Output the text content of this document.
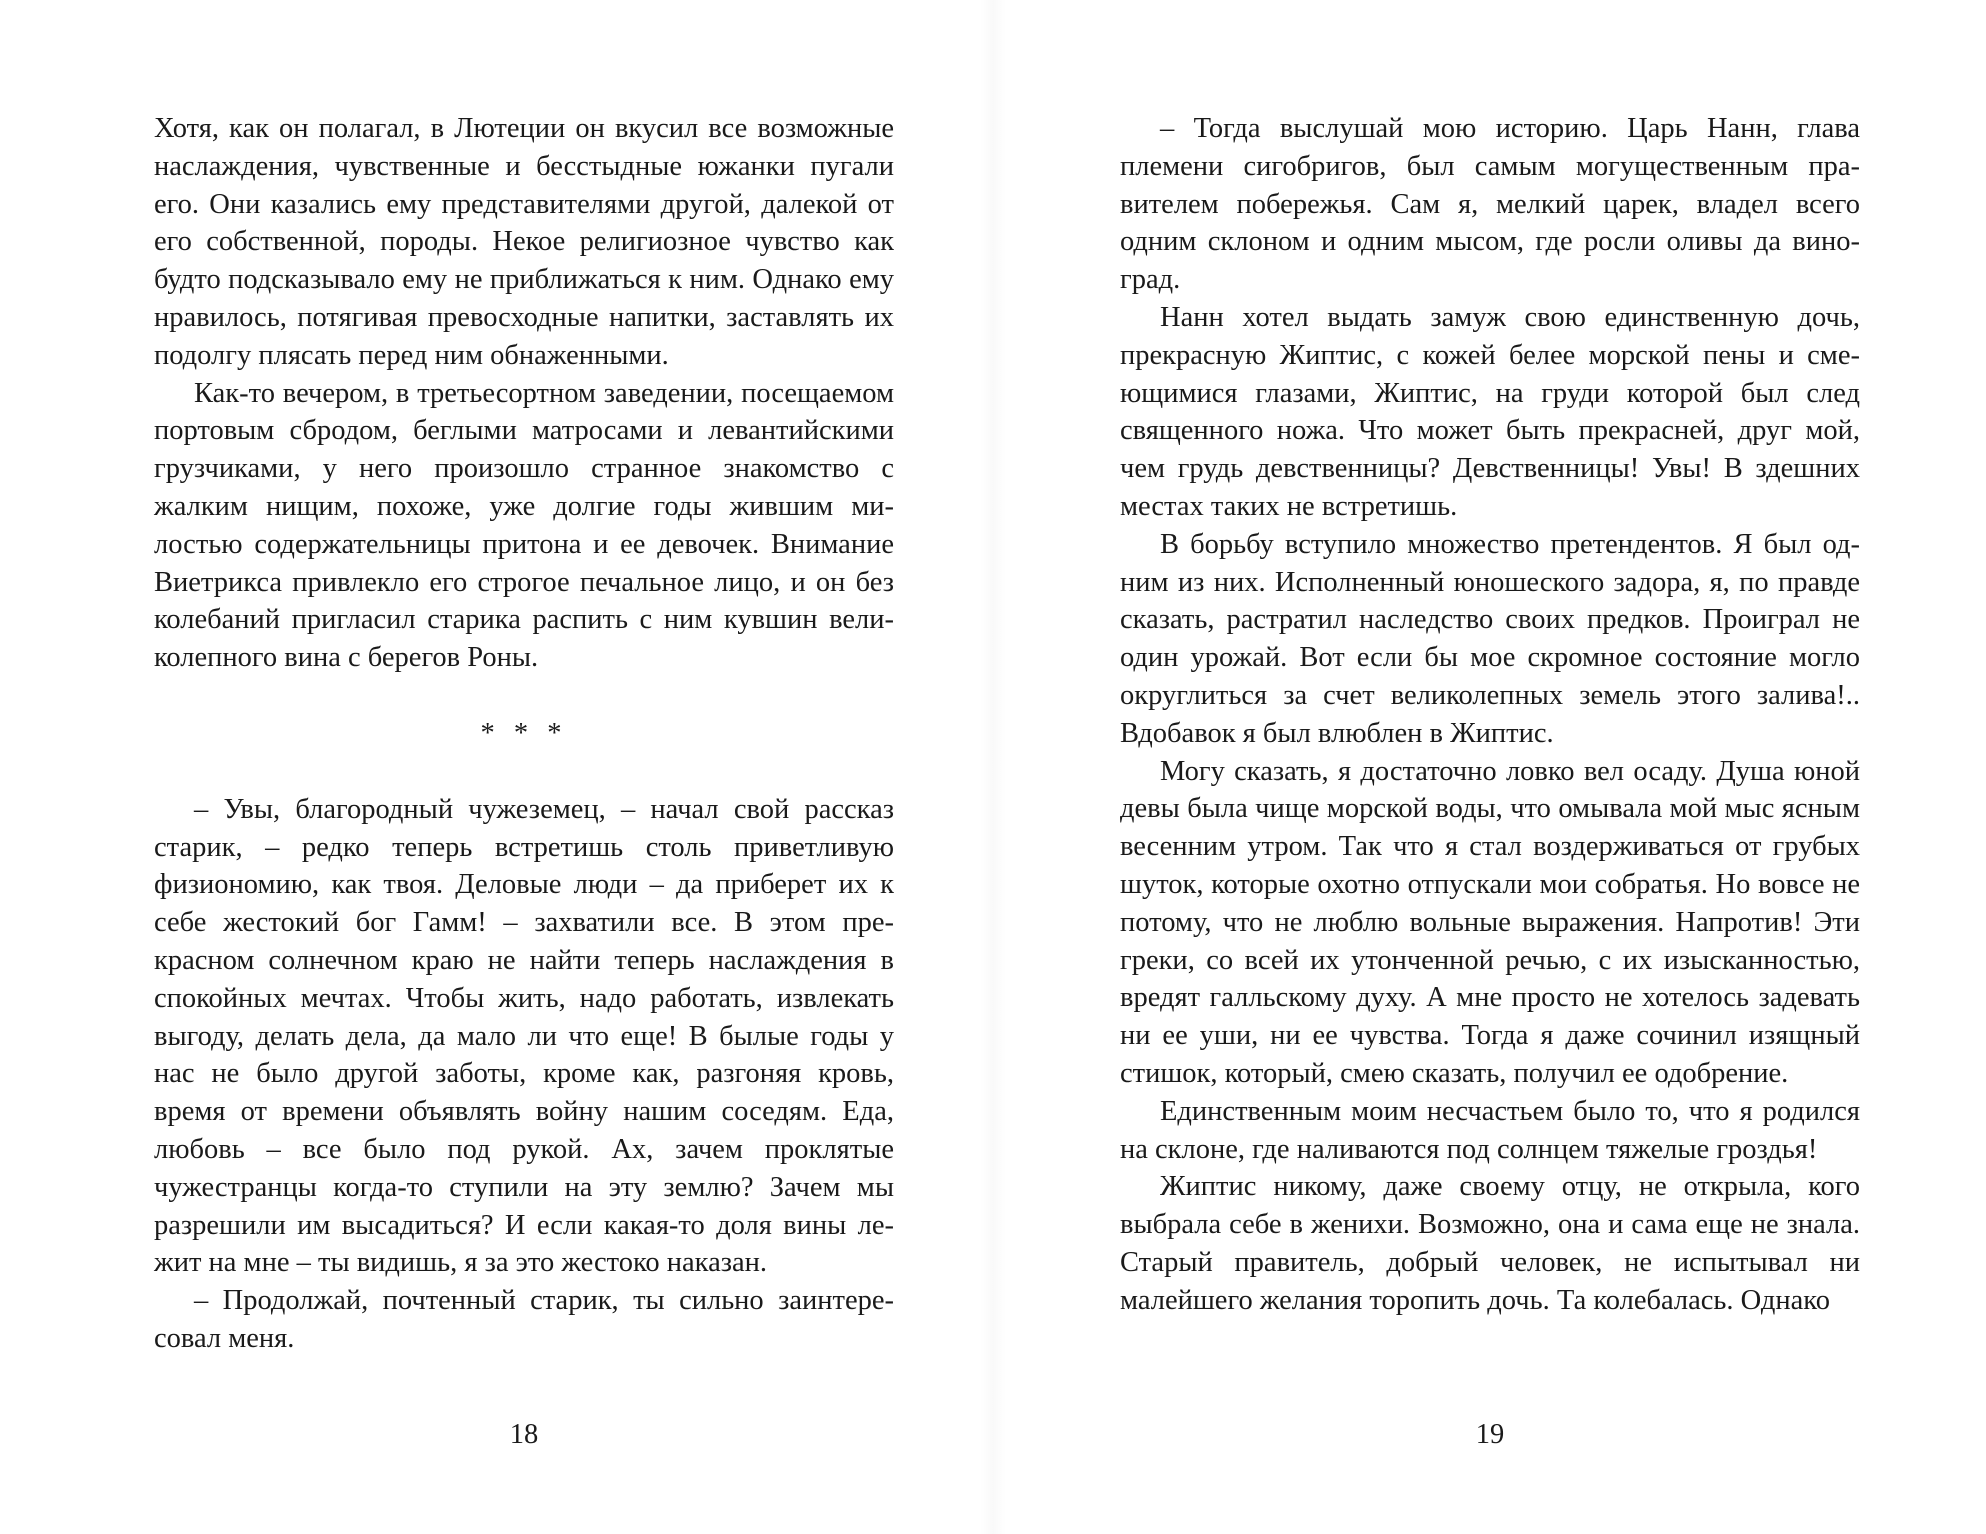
Хотя, как он полагал, в Лютеции он вкусил все возможные наслаждения, чувственные и бесстыдные южанки пугали его. Они казались ему представителями другой, далекой от его собственной, породы. Некое религиозное чувство как будто подсказывало ему не приближаться к ним. Однако ему нравилось, потягивая превосходные напитки, заставлять их подолгу плясать перед ним обнаженными.

Как-то вечером, в третьесортном заведении, посещаемом портовым сбродом, беглыми матросами и левантийскими грузчиками, у него произошло странное знакомство с жалким нищим, похоже, уже долгие годы жившим милостью содержательницы притона и ее девочек. Внимание Виетрикса привлекло его строгое печальное лицо, и он без колебаний пригласил старика распить с ним кувшин великолепного вина с берегов Роны.

* * *

– Увы, благородный чужеземец, – начал свой рассказ старик, – редко теперь встретишь столь приветливую физиономию, как твоя. Деловые люди – да приберет их к себе жестокий бог Гамм! – захватили все. В этом прекрасном солнечном краю не найти теперь наслаждения в спокойных мечтах. Чтобы жить, надо работать, извлекать выгоду, делать дела, да мало ли что еще! В былые годы у нас не было другой заботы, кроме как, разгоняя кровь, время от времени объявлять войну нашим соседям. Еда, любовь – все было под рукой. Ах, зачем проклятые чужестранцы когда-то ступили на эту землю? Зачем мы разрешили им высадиться? И если какая-то доля вины лежит на мне – ты видишь, я за это жестоко наказан.

– Продолжай, почтенный старик, ты сильно заинтересовал меня.

18

– Тогда выслушай мою историю. Царь Нанн, глава племени сигобригов, был самым могущественным правителем побережья. Сам я, мелкий царек, владел всего одним склоном и одним мысом, где росли оливы да виноград.

Нанн хотел выдать замуж свою единственную дочь, прекрасную Жиптис, с кожей белее морской пены и смеющимися глазами, Жиптис, на груди которой был след священного ножа. Что может быть прекрасней, друг мой, чем грудь девственницы? Девственницы! Увы! В здешних местах таких не встретишь.

В борьбу вступило множество претендентов. Я был одним из них. Исполненный юношеского задора, я, по правде сказать, растратил наследство своих предков. Проиграл не один урожай. Вот если бы мое скромное состояние могло округлиться за счет великолепных земель этого залива!.. Вдобавок я был влюблен в Жиптис.

Могу сказать, я достаточно ловко вел осаду. Душа юной девы была чище морской воды, что омывала мой мыс ясным весенним утром. Так что я стал воздерживаться от грубых шуток, которые охотно отпускали мои собратья. Но вовсе не потому, что не люблю вольные выражения. Напротив! Эти греки, со всей их утонченной речью, с их изысканностью, вредят галльскому духу. А мне просто не хотелось задевать ни ее уши, ни ее чувства. Тогда я даже сочинил изящный стишок, который, смею сказать, получил ее одобрение.

Единственным моим несчастьем было то, что я родился на склоне, где наливаются под солнцем тяжелые гроздья!

Жиптис никому, даже своему отцу, не открыла, кого выбрала себе в женихи. Возможно, она и сама еще не знала. Старый правитель, добрый человек, не испытывал ни малейшего желания торопить дочь. Та колебалась. Однако

19
